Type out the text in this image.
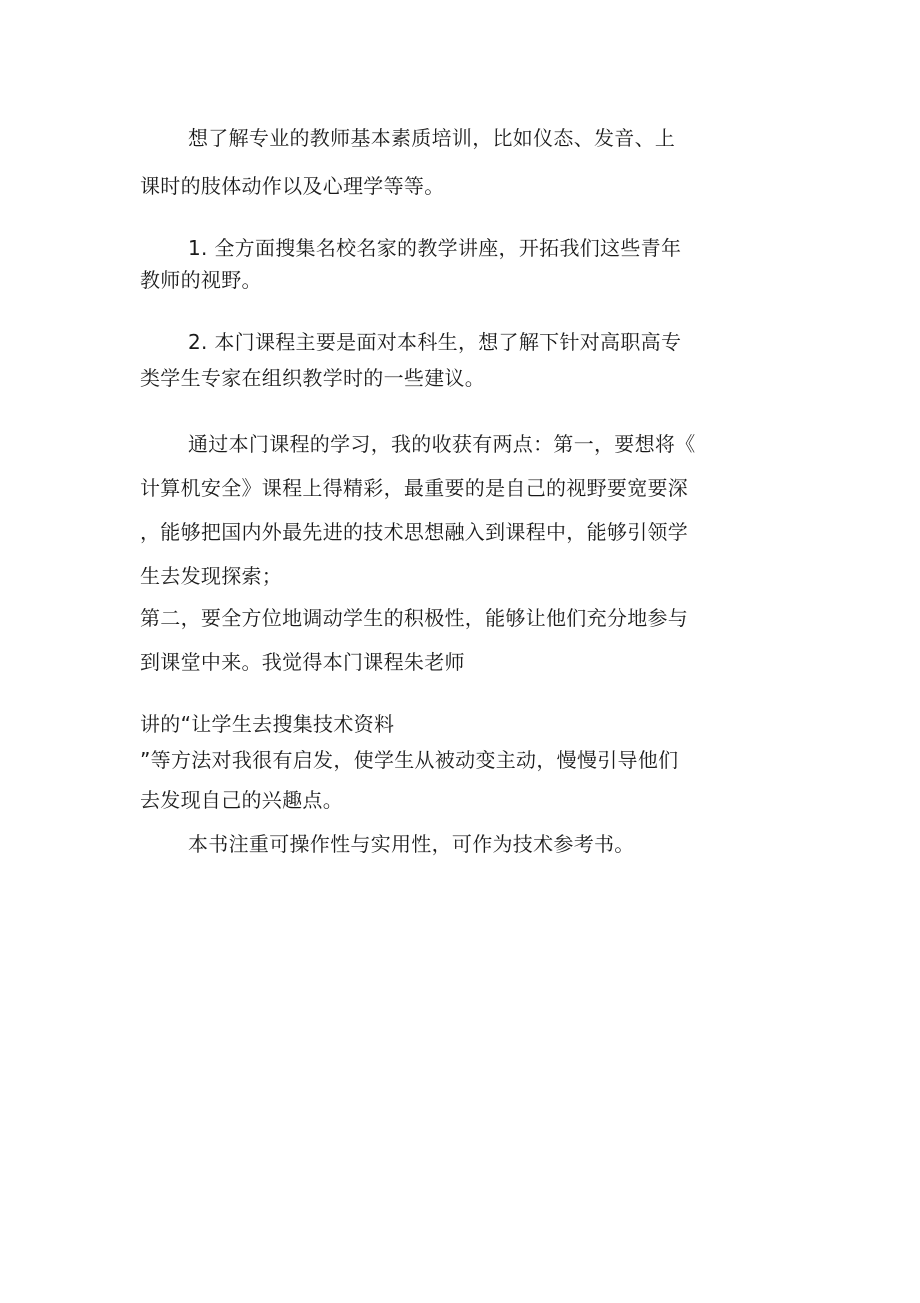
想了解专业的教师基本素质培训，比如仪态、发音、上
课时的肢体动作以及心理学等等。
1. 全方面搜集名校名家的教学讲座，开拓我们这些青年
教师的视野。
2. 本门课程主要是面对本科生，想了解下针对高职高专
类学生专家在组织教学时的一些建议。
通过本门课程的学习，我的收获有两点：第一，要想将《
计算机安全》课程上得精彩，最重要的是自己的视野要宽要深
，能够把国内外最先进的技术思想融入到课程中，能够引领学
生去发现探索；
第二，要全方位地调动学生的积极性，能够让他们充分地参与
到课堂中来。我觉得本门课程朱老师
讲的“让学生去搜集技术资料
”等方法对我很有启发，使学生从被动变主动，慢慢引导他们
去发现自己的兴趣点。
本书注重可操作性与实用性，可作为技术参考书。
